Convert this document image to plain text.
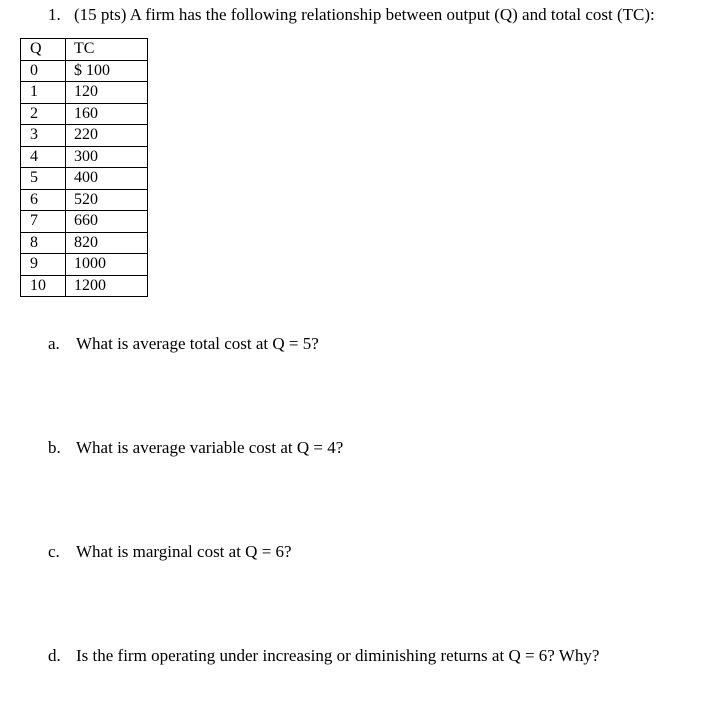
1. (15 pts) A firm has the following relationship between output (Q) and total cost (TC):
Q	TC
0	$ 100
1	120
2	160
3	220
4	300
5	400
6	520
7	660
8	820
9	1000
10	1200
a. What is average total cost at Q = 5?
b. What is average variable cost at Q = 4?
c. What is marginal cost at Q = 6?
d. Is the firm operating under increasing or diminishing returns at Q = 6? Why?
